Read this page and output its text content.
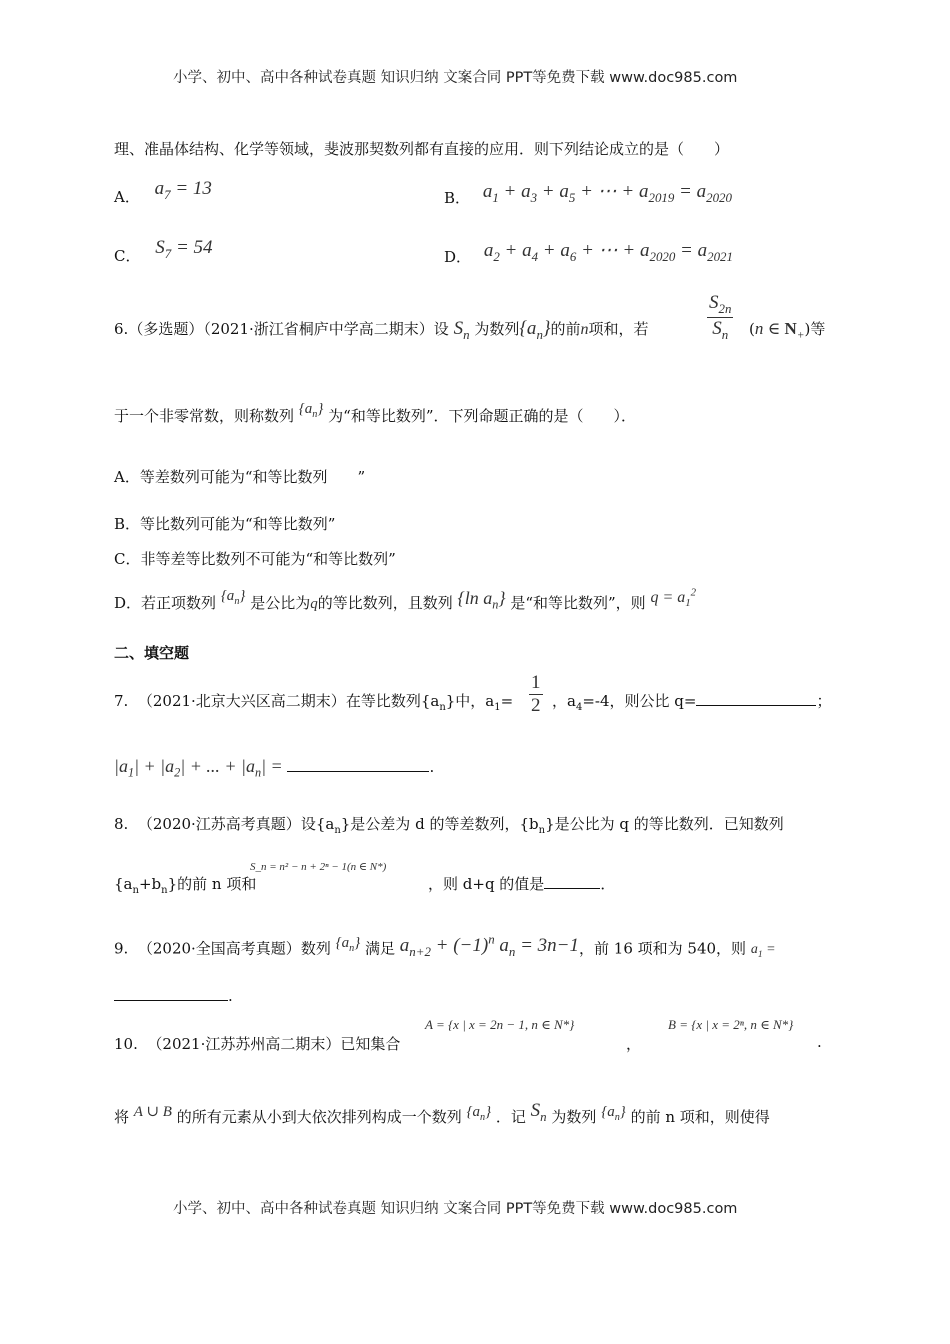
小学、初中、高中各种试卷真题 知识归纳 文案合同 PPT等免费下载 www.doc985.com
理、准晶体结构、化学等领域，斐波那契数列都有直接的应用．则下列结论成立的是（　　）
A． $a_7 = 13$	B． $a_1 + a_3 + a_5$ + ⋯ + $a_{2019} = a_{2020}$
C． $S_7 = 54$	D． $a_2 + a_4 + a_6$ + ⋯ + $a_{2020} = a_{2021}$
6.（多选题）（2021·浙江省桐庐中学高二期末）设 $S_n$ 为数列$\{a_n\}$的前n项和，若	$\frac{S_{2n}}{S_n} (n$ ∈ $N_+$)等
于一个非零常数，则称数列 $\{a_n\}$ 为“和等比数列”．下列命题正确的是（　　）．
A．等差数列可能为“和等比数列　　”
B．等比数列可能为“和等比数列”
C．非等差等比数列不可能为“和等比数列”
D．若正项数列 $\{a_n\}$ 是公比为q的等比数列，且数列 {ln $a_n$} 是“和等比数列”，则 $q = a_1^2$
二、填空题
7. （2021·北京大兴区高二期末）在等比数列$\{a_n\}$中，$a_1= \frac{1}{2}$ ，$a_4=-4$，则公比 q=	；
$|a_1| + |a_2|$ + ... + $|a_n|$ =	.
8. （2020·江苏高考真题）设$\{a_n\}$是公差为 d 的等差数列，$\{b_n\}$是公比为 q 的等比数列．已知数列
$\{a_n+b_n\}$的前 n 项和
S_n = n² − n + 2ⁿ − 1(n ∈ N*)
，则 d+q 的值是	．
9. （2020·全国高考真题）数列 $\{a_n\}$ 满足 $a_{n+2} + (-1)^n$ $a_n = 3n-1$，前 16 项和为 540，则 $a_1$ =
.
10. （2021·江苏苏州高二期末）已知集合
A = {x | x = 2n − 1, n ∈ N*}
，
B = {x | x = 2ⁿ, n ∈ N*}
.
将 A ∪ B 的所有元素从小到大依次排列构成一个数列 $\{a_n\}$ ．记 $S_n$ 为数列 $\{a_n\}$ 的前 n 项和，则使得
小学、初中、高中各种试卷真题 知识归纳 文案合同 PPT等免费下载 www.doc985.com
